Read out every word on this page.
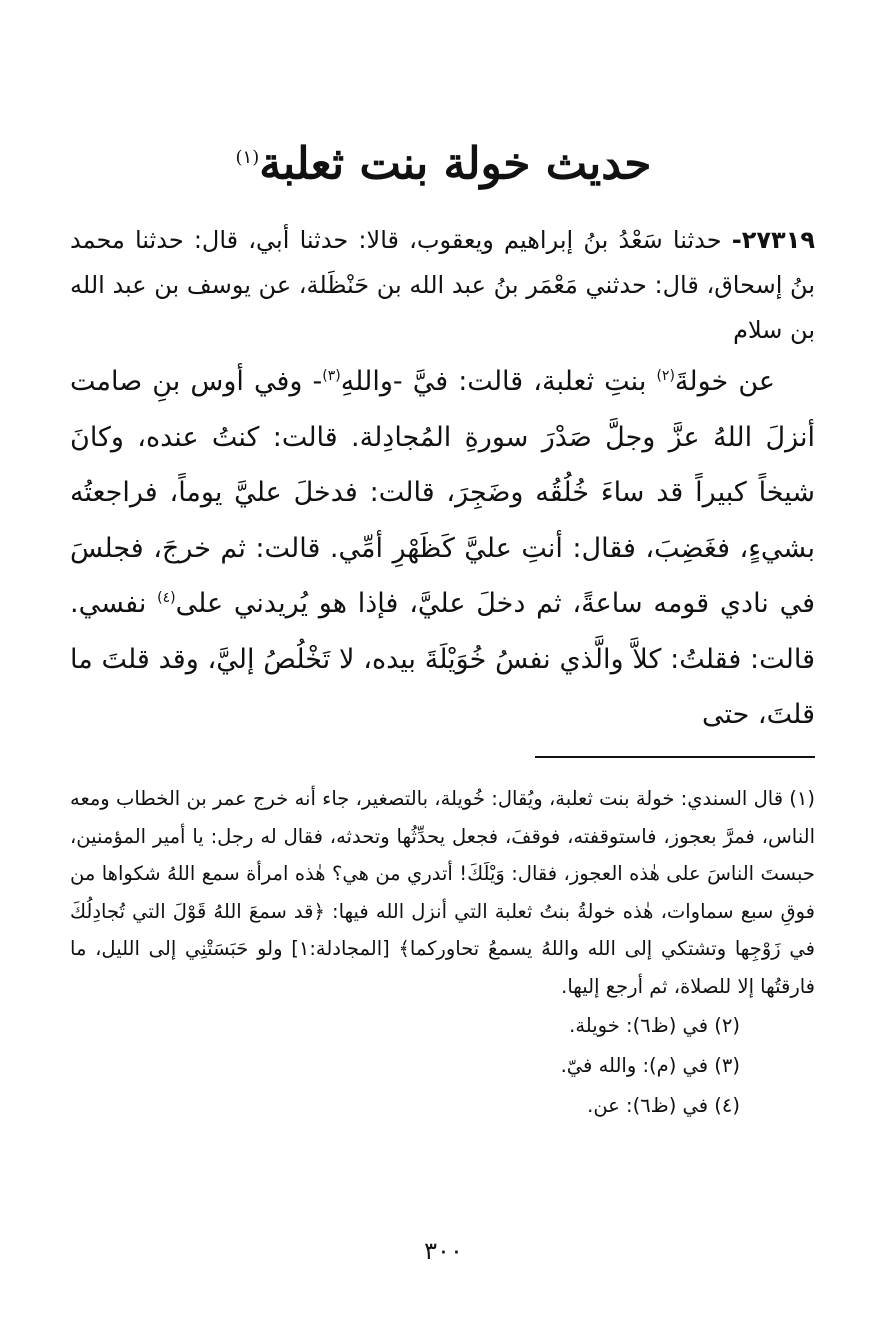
حديث خولة بنت ثعلبة$^{(١)}$
٢٧٣١٩- حدثنا سَعْدُ بنُ إبراهيم ويعقوب، قالا: حدثنا أبي، قال: حدثنا محمد بنُ إسحاق، قال: حدثني مَعْمَر بنُ عبد الله بن حَنْظَلة، عن يوسف بن عبد الله بن سلام

عن خولةَ$^{(٢)}$ بنتِ ثعلبة، قالت: فيَّ -واللهِ$^{(٣)}$- وفي أوس بنِ صامت أنزلَ اللهُ عزَّ وجلَّ صَدْرَ سورةِ المُجادِلة. قالت: كنتُ عنده، وكانَ شيخاً كبيراً قد ساءَ خُلُقُه وضَجِرَ، قالت: فدخلَ عليَّ يوماً، فراجعتُه بشيءٍ، فغَضِبَ، فقال: أنتِ عليَّ كَظَهْرِ أمِّي. قالت: ثم خرجَ، فجلسَ في نادي قومه ساعةً، ثم دخلَ عليَّ، فإذا هو يُريدني على$^{(٤)}$ نفسي. قالت: فقلتُ: كلاَّ والَّذي نفسُ خُوَيْلَةَ بيده، لا تَخْلُصُ إليَّ، وقد قلتَ ما قلتَ، حتى

(١) قال السندي: خولة بنت ثعلبة، ويُقال: خُويلة، بالتصغير، جاء أنه خرج عمر بن الخطاب ومعه الناس، فمرَّ بعجوز، فاستوقفته، فوقفَ، فجعل يحدِّثُها وتحدثه، فقال له رجل: يا أمير المؤمنين، حبستَ الناسَ على هٰذه العجوز، فقال: وَيْلَكَ! أتدري من هي؟ هٰذه امرأة سمع اللهُ شكواها من فوقِ سبع سماوات، هٰذه خولةُ بنتُ ثعلبة التي أنزل الله فيها: ﴿قد سمعَ اللهُ قَوْلَ التي تُجادِلُكَ في زَوْجِها وتشتكي إلى الله واللهُ يسمعُ تحاوركما﴾ [المجادلة:١] ولو حَبَسَتْنِي إلى الليل، ما فارقتُها إلا للصلاة، ثم أرجع إليها.

(٢) في (ظ٦): خويلة.

(٣) في (م): والله فيّ.

(٤) في (ظ٦): عن.

٣٠٠
